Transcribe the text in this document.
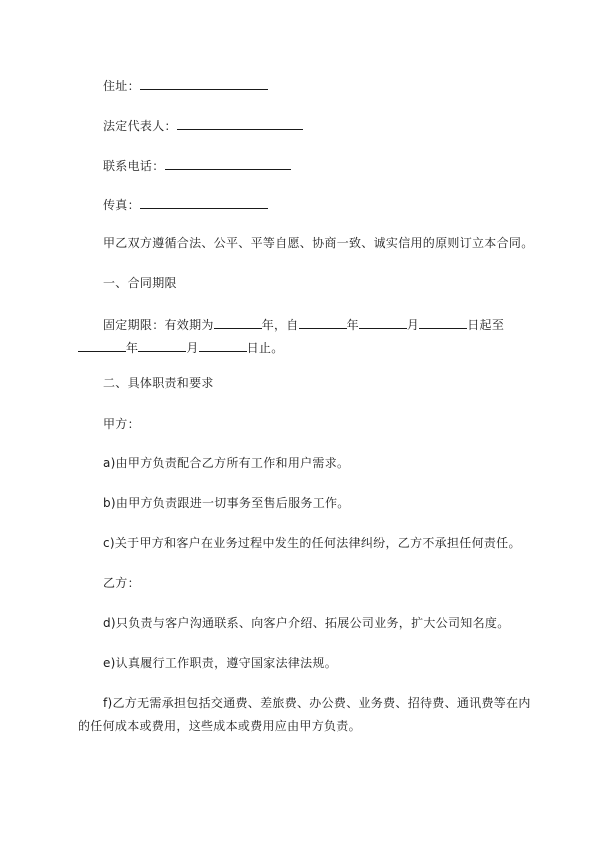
住址：
法定代表人：
联系电话：
传真：
甲乙双方遵循合法、公平、平等自愿、协商一致、诚实信用的原则订立本合同。
一、合同期限
固定期限：有效期为	年，自	年	月	日起至
年	月	日止。
二、具体职责和要求
甲方：
a)由甲方负责配合乙方所有工作和用户需求。
b)由甲方负责跟进一切事务至售后服务工作。
c)关于甲方和客户在业务过程中发生的任何法律纠纷，乙方不承担任何责任。
乙方：
d)只负责与客户沟通联系、向客户介绍、拓展公司业务，扩大公司知名度。
e)认真履行工作职责，遵守国家法律法规。
f)乙方无需承担包括交通费、差旅费、办公费、业务费、招待费、通讯费等在内
的任何成本或费用，这些成本或费用应由甲方负责。
